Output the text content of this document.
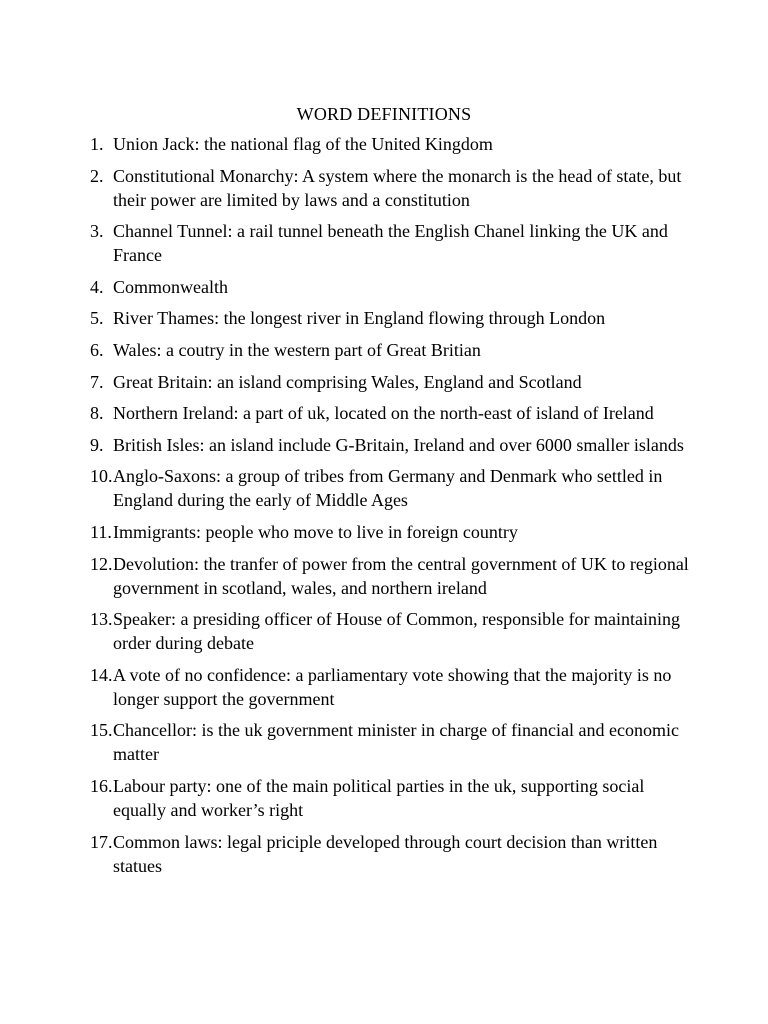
WORD DEFINITIONS
1. Union Jack: the national flag of the United Kingdom
2. Constitutional Monarchy: A system where the monarch is the head of state, but their power are limited by laws and a constitution
3. Channel Tunnel: a rail tunnel beneath the English Chanel linking the UK and France
4. Commonwealth
5. River Thames: the longest river in England flowing through London
6. Wales: a coutry in the western part of Great Britian
7. Great Britain: an island comprising Wales, England and Scotland
8. Northern Ireland: a part of uk, located on the north-east of island of Ireland
9. British Isles: an island include G-Britain, Ireland and over 6000 smaller islands
10. Anglo-Saxons: a group of tribes from Germany and Denmark who settled in England during the early of Middle Ages
11. Immigrants: people who move to live in foreign country
12. Devolution: the tranfer of power from the central government of UK to regional government in scotland, wales, and northern ireland
13. Speaker: a presiding officer of House of Common, responsible for maintaining order during debate
14. A vote of no confidence: a parliamentary vote showing that the majority is no longer support the government
15. Chancellor: is the uk government minister in charge of financial and economic matter
16. Labour party: one of the main political parties in the uk, supporting social equally and worker’s right
17. Common laws: legal priciple developed through court decision than written statues
